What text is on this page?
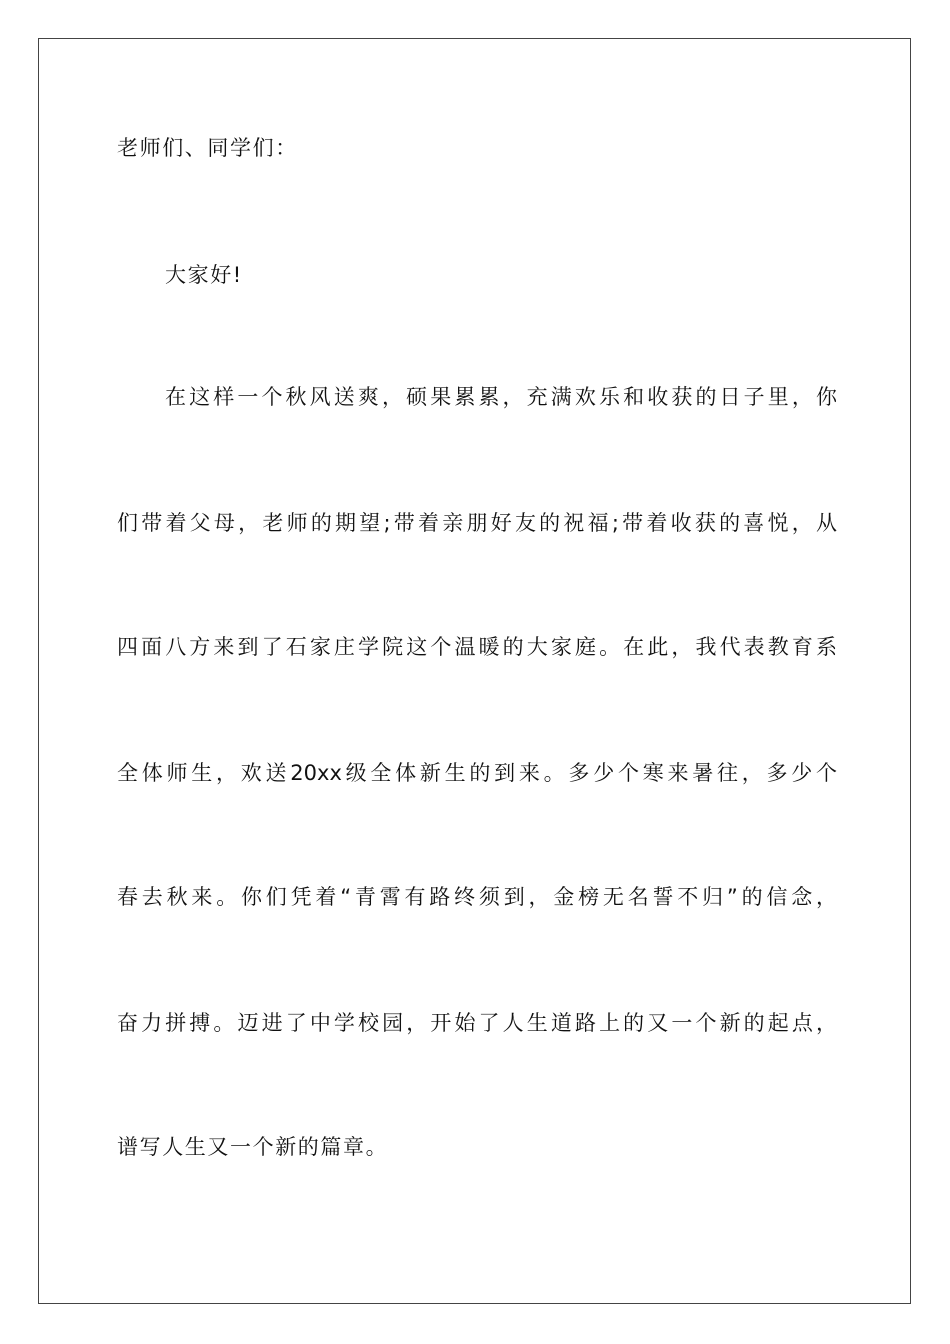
老师们、同学们：
大家好!
在这样一个秋风送爽，硕果累累，充满欢乐和收获的日子里，你
们带着父母，老师的期望;带着亲朋好友的祝福;带着收获的喜悦，从
四面八方来到了石家庄学院这个温暖的大家庭。在此，我代表教育系
全体师生，欢送20xx级全体新生的到来。多少个寒来暑往，多少个
春去秋来。你们凭着“青霄有路终须到，金榜无名誓不归”的信念，
奋力拼搏。迈进了中学校园，开始了人生道路上的又一个新的起点，
谱写人生又一个新的篇章。
